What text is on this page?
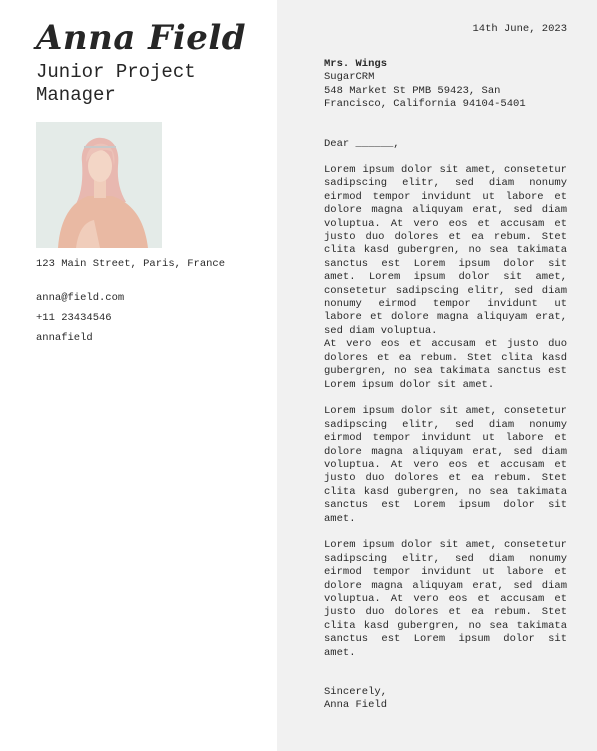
Anna Field
Junior Project Manager
123 Main Street, Paris, France
anna@field.com
+11 23434546
annafield
14th June, 2023
Mrs. Wings
SugarCRM
548 Market St PMB 59423, San Francisco, California 94104-5401
Dear ______,
Lorem ipsum dolor sit amet, consetetur sadipscing elitr, sed diam nonumy eirmod tempor invidunt ut labore et dolore magna aliquyam erat, sed diam voluptua. At vero eos et accusam et justo duo dolores et ea rebum. Stet clita kasd gubergren, no sea takimata sanctus est Lorem ipsum dolor sit amet. Lorem ipsum dolor sit amet, consetetur sadipscing elitr, sed diam nonumy eirmod tempor invidunt ut labore et dolore magna aliquyam erat, sed diam voluptua.
At vero eos et accusam et justo duo dolores et ea rebum. Stet clita kasd gubergren, no sea takimata sanctus est Lorem ipsum dolor sit amet.
Lorem ipsum dolor sit amet, consetetur sadipscing elitr, sed diam nonumy eirmod tempor invidunt ut labore et dolore magna aliquyam erat, sed diam voluptua. At vero eos et accusam et justo duo dolores et ea rebum. Stet clita kasd gubergren, no sea takimata sanctus est Lorem ipsum dolor sit amet.
Lorem ipsum dolor sit amet, consetetur sadipscing elitr, sed diam nonumy eirmod tempor invidunt ut labore et dolore magna aliquyam erat, sed diam voluptua. At vero eos et accusam et justo duo dolores et ea rebum. Stet clita kasd gubergren, no sea takimata sanctus est Lorem ipsum dolor sit amet.
Sincerely,
Anna Field
